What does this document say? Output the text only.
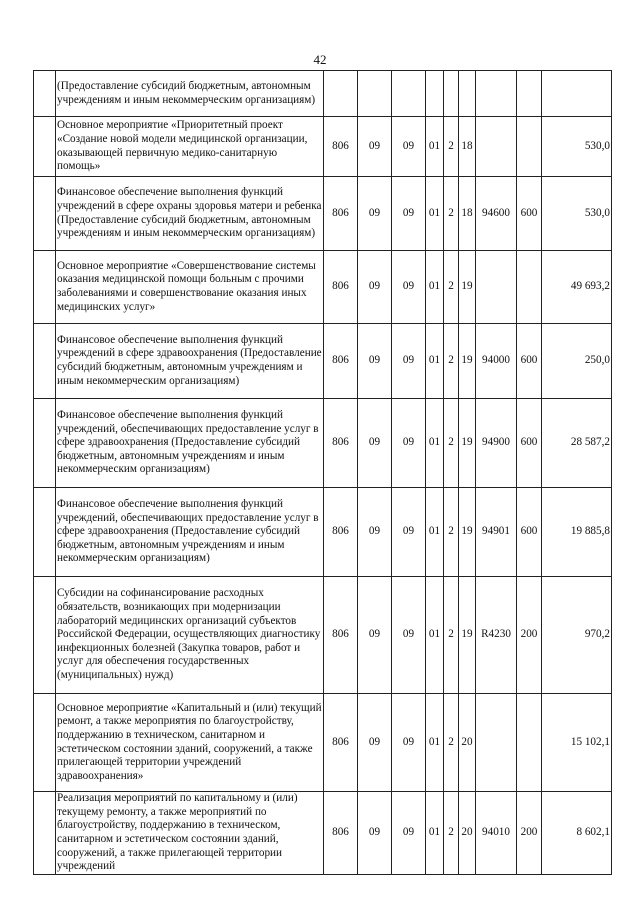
42
	(Предоставление субсидий бюджетным, автономным учреждениям и иным некоммерческим организациям)									
	Основное мероприятие «Приоритетный проект «Создание новой модели медицинской организации, оказывающей первичную медико-санитарную помощь»	806	09	09	01	2	18			530,0
	Финансовое обеспечение выполнения функций учреждений в сфере охраны здоровья матери и ребенка (Предоставление субсидий бюджетным, автономным учреждениям и иным некоммерческим организациям)	806	09	09	01	2	18	94600	600	530,0
	Основное мероприятие «Совершенствование системы оказания медицинской помощи больным с прочими заболеваниями и совершенствование оказания иных медицинских услуг»	806	09	09	01	2	19			49 693,2
	Финансовое обеспечение выполнения функций учреждений в сфере здравоохранения (Предоставление субсидий бюджетным, автономным учреждениям и иным некоммерческим организациям)	806	09	09	01	2	19	94000	600	250,0
	Финансовое обеспечение выполнения функций учреждений, обеспечивающих предоставление услуг в сфере здравоохранения (Предоставление субсидий бюджетным, автономным учреждениям и иным некоммерческим организациям)	806	09	09	01	2	19	94900	600	28 587,2
	Финансовое обеспечение выполнения функций учреждений, обеспечивающих предоставление услуг в сфере здравоохранения (Предоставление субсидий бюджетным, автономным учреждениям и иным некоммерческим организациям)	806	09	09	01	2	19	94901	600	19 885,8
	Субсидии на софинансирование расходных обязательств, возникающих при модернизации лабораторий медицинских организаций субъектов Российской Федерации, осуществляющих диагностику инфекционных болезней (Закупка товаров, работ и услуг для обеспечения государственных (муниципальных) нужд)	806	09	09	01	2	19	R4230	200	970,2
	Основное мероприятие «Капитальный и (или) текущий ремонт, а также мероприятия по благоустройству, поддержанию в техническом, санитарном и эстетическом состоянии зданий, сооружений, а также прилегающей территории учреждений здравоохранения»	806	09	09	01	2	20			15 102,1
	Реализация мероприятий по капитальному и (или) текущему ремонту, а также мероприятий по благоустройству, поддержанию в техническом, санитарном и эстетическом состоянии зданий, сооружений, а также прилегающей территории учреждений	806	09	09	01	2	20	94010	200	8 602,1
